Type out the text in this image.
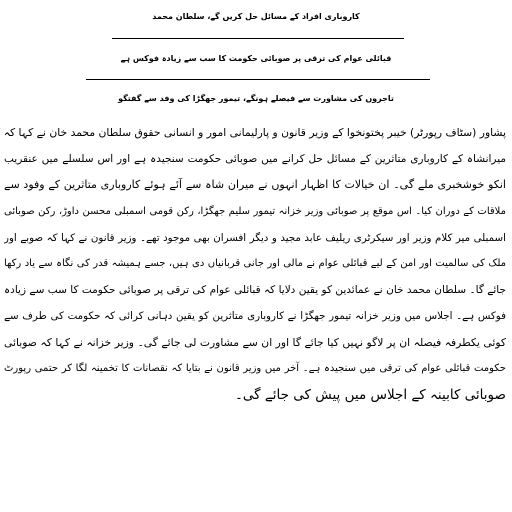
کاروباری افراد کے مسائل حل کریں گے، سلطان محمد
قبائلی عوام کی ترقی پر صوبائی حکومت کا سب سے زیادہ فوکس ہے
تاجروں کی مشاورت سے فیصلے ہونگے، تیمور جھگڑا کی وفد سے گفتگو
پشاور (سٹاف رپورٹر) خیبر پختونخوا کے وزیر قانون و پارلیمانی امور و انسانی حقوق سلطان محمد خان نے کہا کہ
میرانشاہ کے کاروباری متاثرین کے مسائل حل کرانے میں صوبائی حکومت سنجیدہ ہے اور اس سلسلے میں عنقریب
انکو خوشخبری ملے گی۔ ان خیالات کا اظہار انہوں نے میران شاہ سے آئے ہوئے کاروباری متاثرین کے وفود سے
ملاقات کے دوران کیا۔ اس موقع پر صوبائی وزیر خزانہ تیمور سلیم جھگڑا، رکن قومی اسمبلی محسن داوڑ، رکن صوبائی
اسمبلی میر کلام وزیر اور سیکرٹری ریلیف عابد مجید و دیگر افسران بھی موجود تھے۔ وزیر قانون نے کہا کہ صوبے اور
ملک کی سالمیت اور امن کے لیے قبائلی عوام نے مالی اور جانی قربانیاں دی ہیں، جسے ہمیشہ قدر کی نگاہ سے یاد رکھا
جائے گا۔ سلطان محمد خان نے عمائدین کو یقین دلایا کہ قبائلی عوام کی ترقی پر صوبائی حکومت کا سب سے زیادہ
فوکس ہے۔ اجلاس میں وزیر خزانہ تیمور جھگڑا نے کاروباری متاثرین کو یقین دہانی کرائی کہ حکومت کی طرف سے
کوئی یکطرفہ فیصلہ ان پر لاگو نہیں کیا جائے گا اور ان سے مشاورت لی جائے گی۔ وزیر خزانہ نے کہا کہ صوبائی
حکومت قبائلی عوام کی ترقی میں سنجیدہ ہے۔ آخر میں وزیر قانون نے بتایا کہ نقصانات کا تخمینہ لگا کر حتمی رپورٹ
صوبائی کابینہ کے اجلاس میں پیش کی جائے گی۔
